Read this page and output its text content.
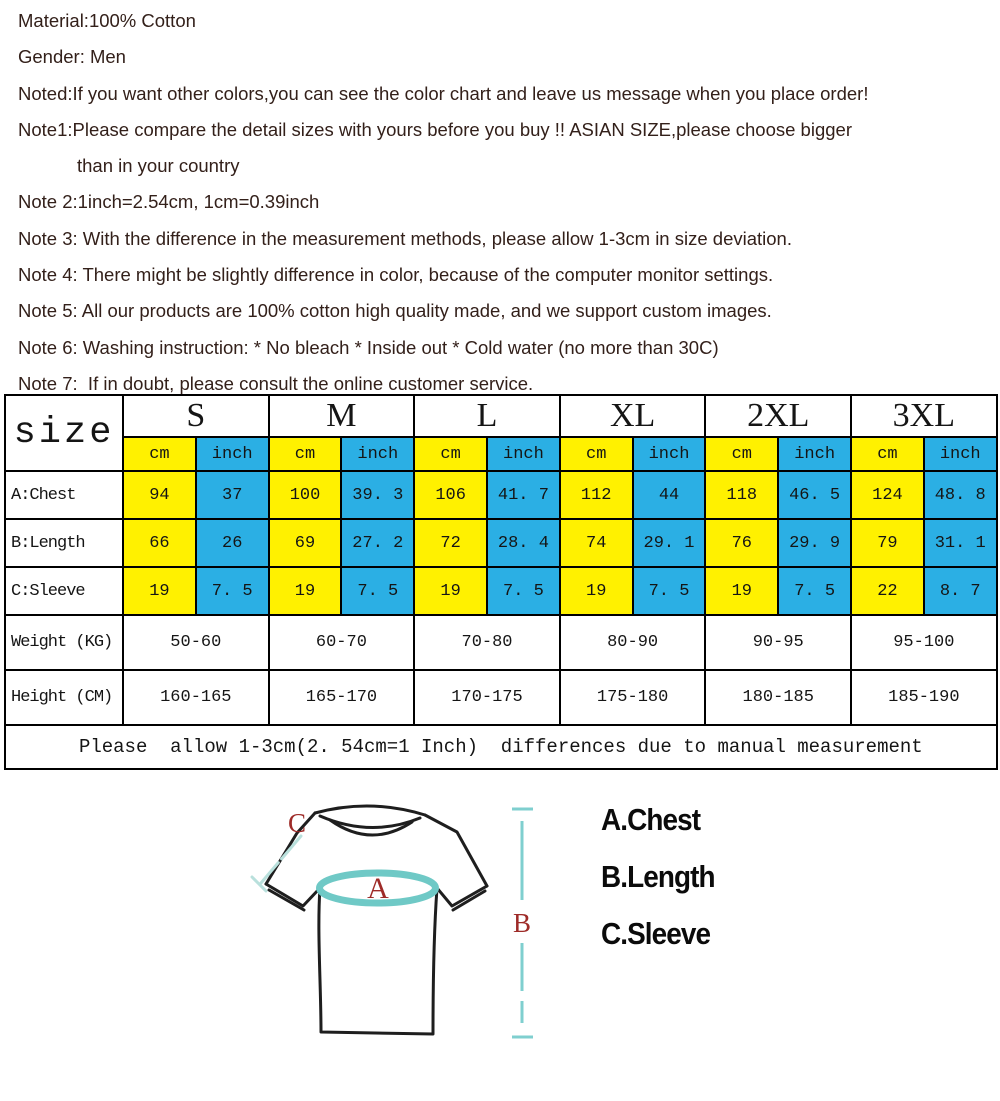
Material:100% Cotton
Gender: Men
Noted:If you want other colors,you can see the color chart and leave us message when you place order!
Note1:Please compare the detail sizes with yours before you buy !! ASIAN SIZE,please choose bigger
than in your country
Note 2:1inch=2.54cm, 1cm=0.39inch
Note 3: With the difference in the measurement methods, please allow 1-3cm in size deviation.
Note 4: There might be slightly difference in color, because of the computer monitor settings.
Note 5: All our products are 100% cotton high quality made, and we support custom images.
Note 6: Washing instruction: * No bleach * Inside out * Cold water (no more than 30C)
Note 7:  If in doubt, please consult the online customer service.
size	S		M		L		XL		2XL		3XL	
	cm	inch	cm	inch	cm	inch	cm	inch	cm	inch	cm	inch
A:Chest	94	37	100	39. 3	106	41. 7	112	44	118	46. 5	124	48. 8
B:Length	66	26	69	27. 2	72	28. 4	74	29. 1	76	29. 9	79	31. 1
C:Sleeve	19	7. 5	19	7. 5	19	7. 5	19	7. 5	19	7. 5	22	8. 7
Weight (KG)	50-60		60-70		70-80		80-90		90-95		95-100	
Height (CM)	160-165		165-170		170-175		175-180		180-185		185-190	
Please  allow 1-3cm(2. 54cm=1 Inch)  differences due to manual measurement												
C
A
B
A.Chest
B.Length
C.Sleeve
